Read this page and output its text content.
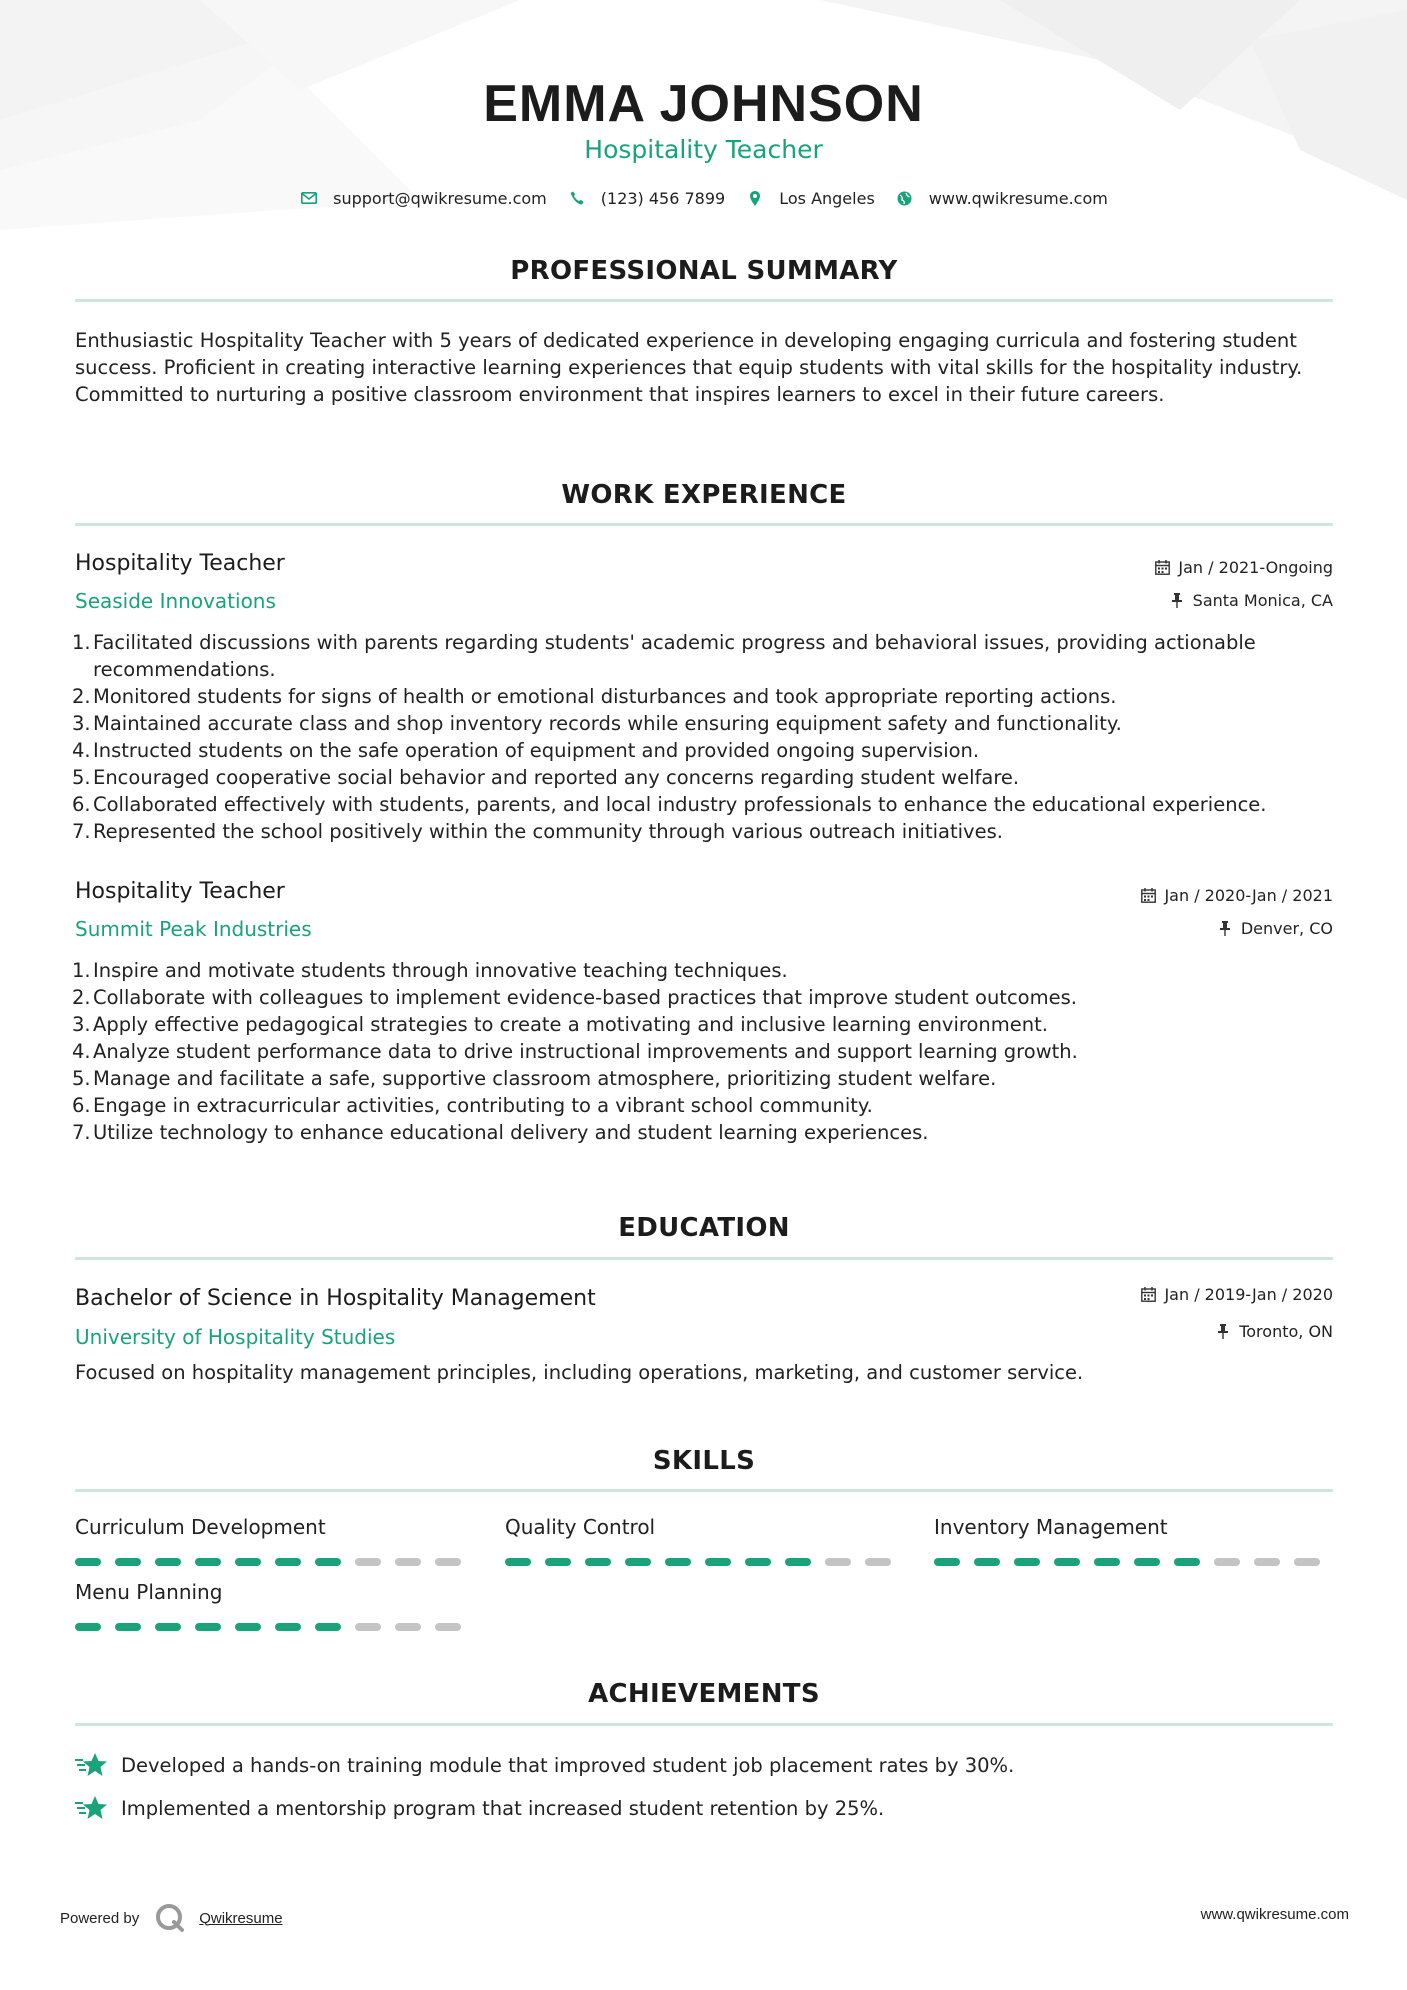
EMMA JOHNSON
Hospitality Teacher
support@qwikresume.com	(123) 456 7899	Los Angeles	www.qwikresume.com
PROFESSIONAL SUMMARY
Enthusiastic Hospitality Teacher with 5 years of dedicated experience in developing engaging curricula and fostering student success. Proficient in creating interactive learning experiences that equip students with vital skills for the hospitality industry. Committed to nurturing a positive classroom environment that inspires learners to excel in their future careers.
WORK EXPERIENCE
Hospitality Teacher
Seaside Innovations
Jan / 2021-Ongoing
Santa Monica, CA
1. Facilitated discussions with parents regarding students' academic progress and behavioral issues, providing actionable recommendations.
2. Monitored students for signs of health or emotional disturbances and took appropriate reporting actions.
3. Maintained accurate class and shop inventory records while ensuring equipment safety and functionality.
4. Instructed students on the safe operation of equipment and provided ongoing supervision.
5. Encouraged cooperative social behavior and reported any concerns regarding student welfare.
6. Collaborated effectively with students, parents, and local industry professionals to enhance the educational experience.
7. Represented the school positively within the community through various outreach initiatives.
Hospitality Teacher
Summit Peak Industries
Jan / 2020-Jan / 2021
Denver, CO
1. Inspire and motivate students through innovative teaching techniques.
2. Collaborate with colleagues to implement evidence-based practices that improve student outcomes.
3. Apply effective pedagogical strategies to create a motivating and inclusive learning environment.
4. Analyze student performance data to drive instructional improvements and support learning growth.
5. Manage and facilitate a safe, supportive classroom atmosphere, prioritizing student welfare.
6. Engage in extracurricular activities, contributing to a vibrant school community.
7. Utilize technology to enhance educational delivery and student learning experiences.
EDUCATION
Bachelor of Science in Hospitality Management
University of Hospitality Studies
Jan / 2019-Jan / 2020
Toronto, ON
Focused on hospitality management principles, including operations, marketing, and customer service.
SKILLS
Curriculum Development	Quality Control	Inventory Management
Menu Planning
ACHIEVEMENTS
Developed a hands-on training module that improved student job placement rates by 30%.
Implemented a mentorship program that increased student retention by 25%.
Powered by	Qwikresume	www.qwikresume.com
